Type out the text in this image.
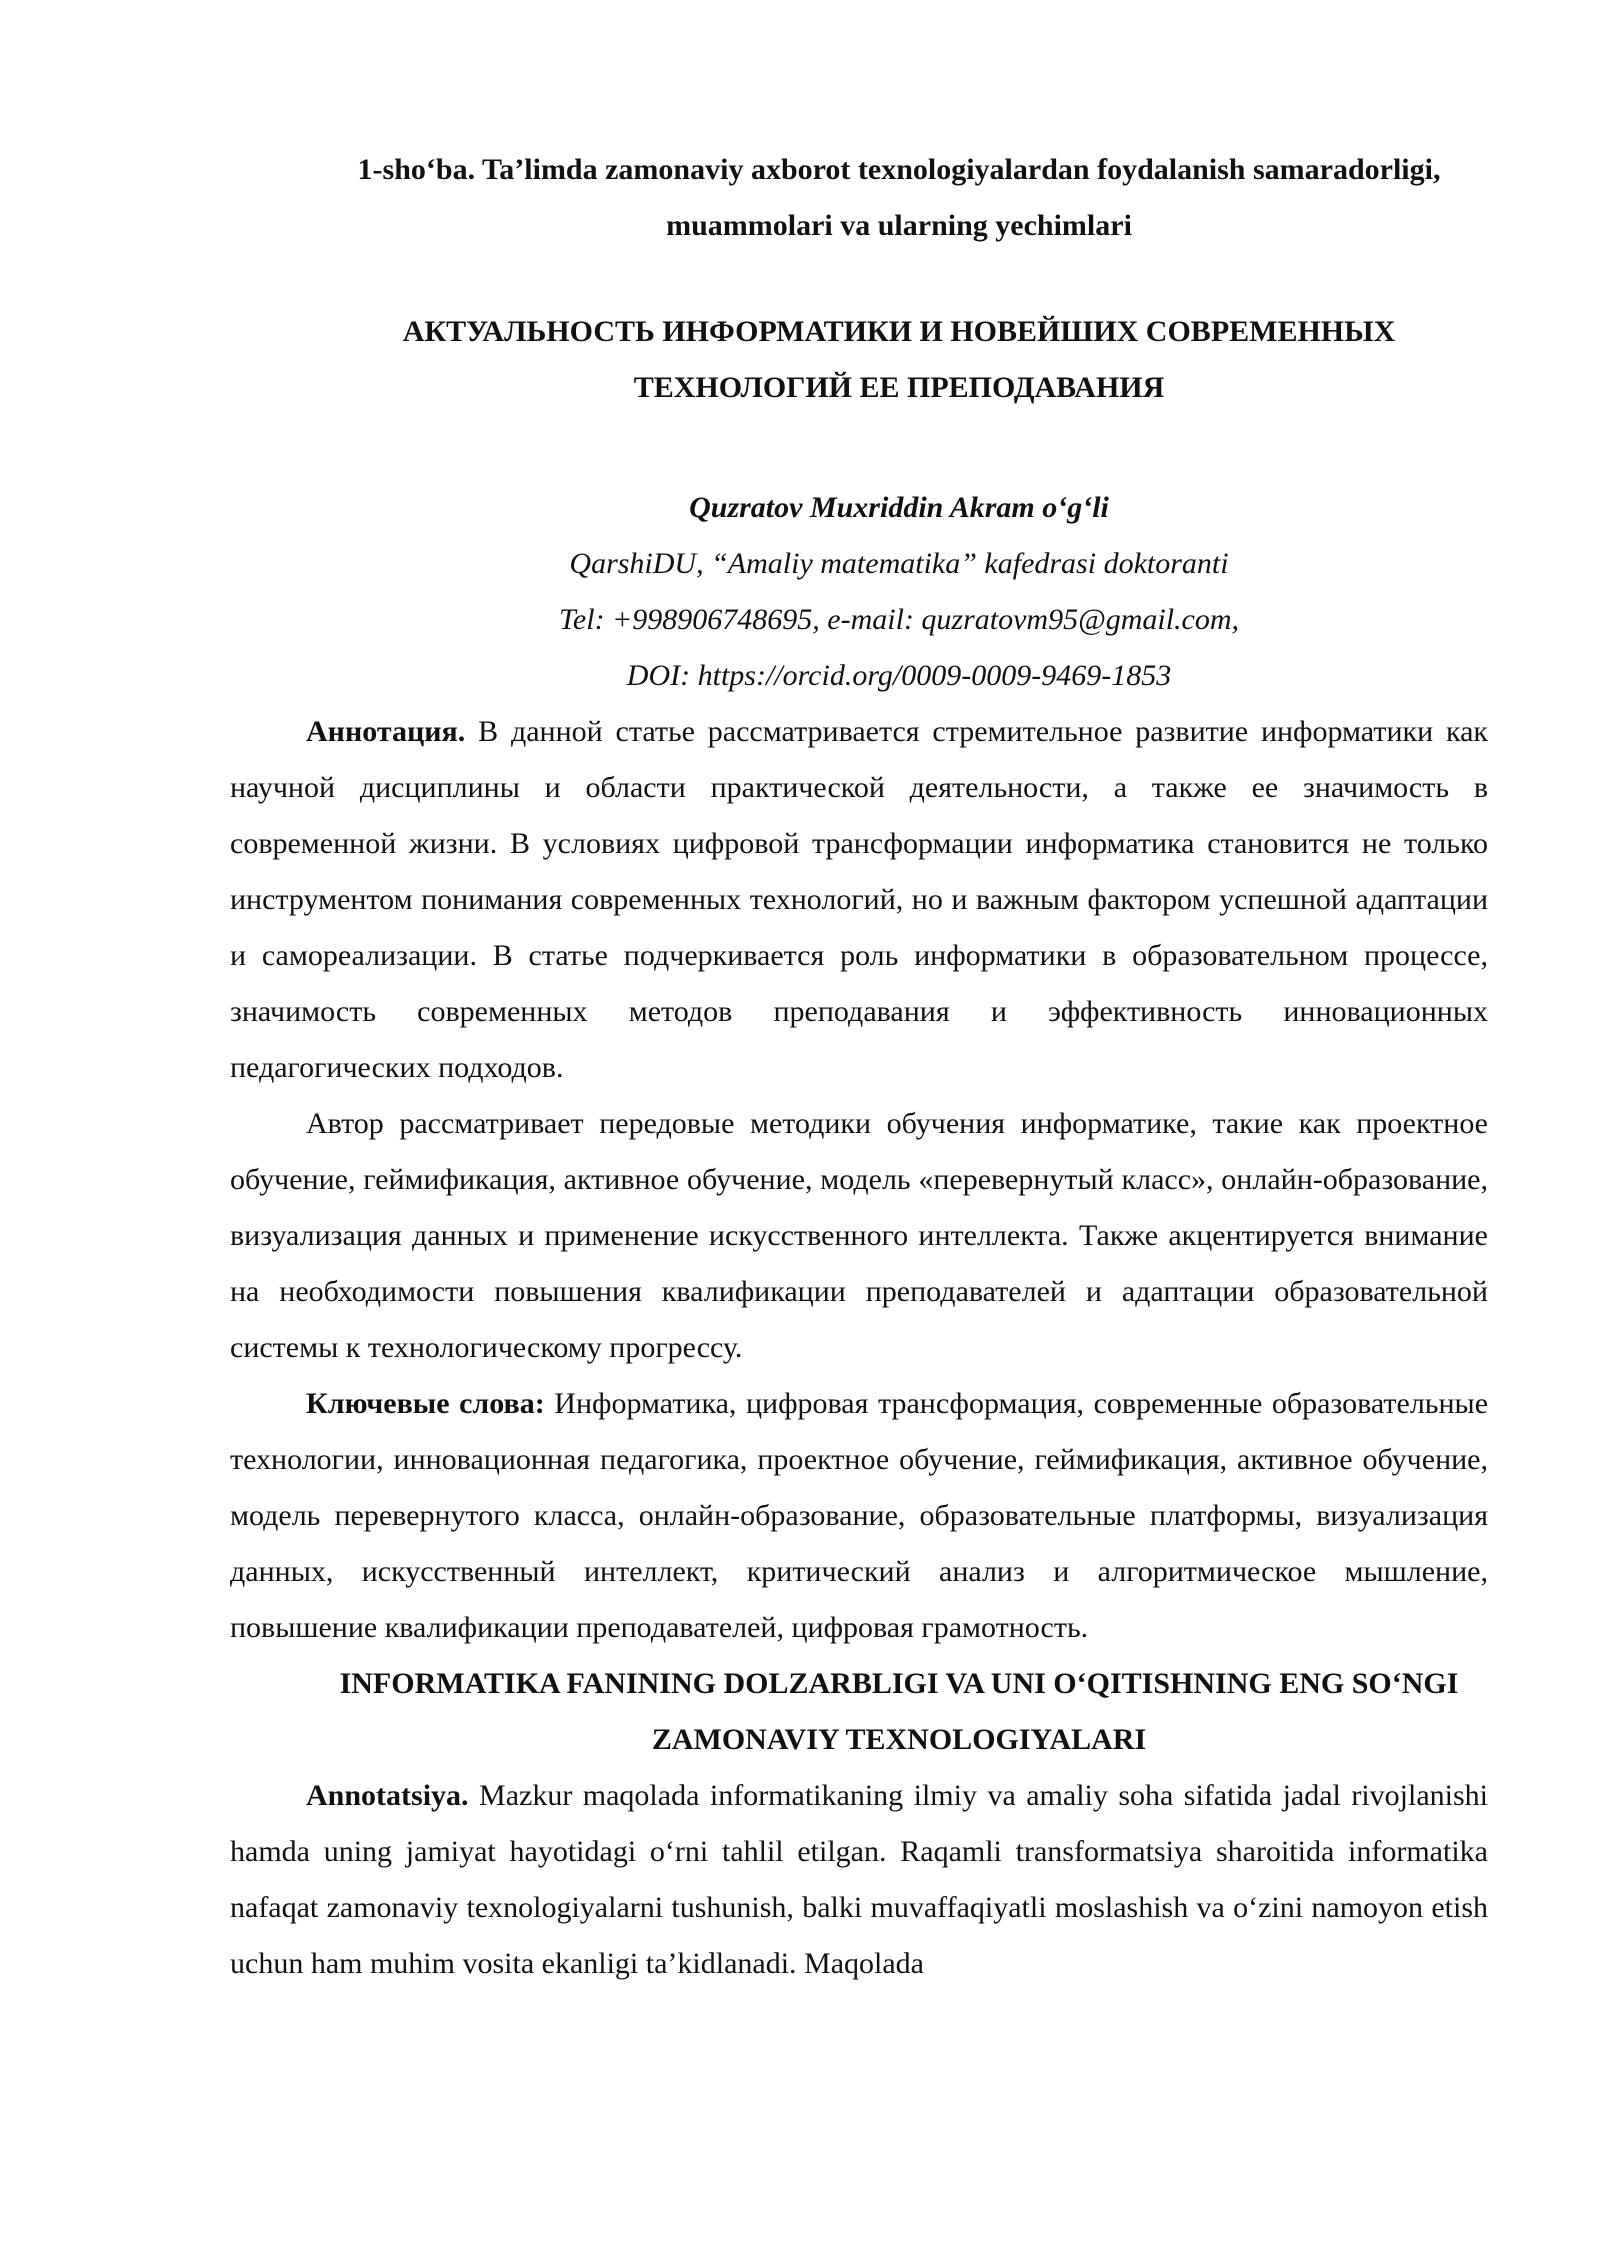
1-sho‘ba. Ta’limda zamonaviy axborot texnologiyalardan foydalanish samaradorligi, muammolari va ularning yechimlari

АКТУАЛЬНОСТЬ ИНФОРМАТИКИ И НОВЕЙШИХ СОВРЕМЕННЫХ ТЕХНОЛОГИЙ ЕЕ ПРЕПОДАВАНИЯ

Quzratov Muxriddin Akram o‘g‘li
QarshiDU, “Amaliy matematika” kafedrasi doktoranti
Tel: +998906748695, e-mail: quzratovm95@gmail.com,
DOI: https://orcid.org/0009-0009-9469-1853

Аннотация. В данной статье рассматривается стремительное развитие информатики как научной дисциплины и области практической деятельности, а также ее значимость в современной жизни. В условиях цифровой трансформации информатика становится не только инструментом понимания современных технологий, но и важным фактором успешной адаптации и самореализации. В статье подчеркивается роль информатики в образовательном процессе, значимость современных методов преподавания и эффективность инновационных педагогических подходов.

Автор рассматривает передовые методики обучения информатике, такие как проектное обучение, геймификация, активное обучение, модель «перевернутый класс», онлайн-образование, визуализация данных и применение искусственного интеллекта. Также акцентируется внимание на необходимости повышения квалификации преподавателей и адаптации образовательной системы к технологическому прогрессу.

Ключевые слова: Информатика, цифровая трансформация, современные образовательные технологии, инновационная педагогика, проектное обучение, геймификация, активное обучение, модель перевернутого класса, онлайн-образование, образовательные платформы, визуализация данных, искусственный интеллект, критический анализ и алгоритмическое мышление, повышение квалификации преподавателей, цифровая грамотность.

INFORMATIKA FANINING DOLZARBLIGI VA UNI O‘QITISHNING ENG SO‘NGI ZAMONAVIY TEXNOLOGIYALARI

Annotatsiya. Mazkur maqolada informatikaning ilmiy va amaliy soha sifatida jadal rivojlanishi hamda uning jamiyat hayotidagi o‘rni tahlil etilgan. Raqamli transformatsiya sharoitida informatika nafaqat zamonaviy texnologiyalarni tushunish, balki muvaffaqiyatli moslashish va o‘zini namoyon etish uchun ham muhim vosita ekanligi ta’kidlanadi. Maqolada
